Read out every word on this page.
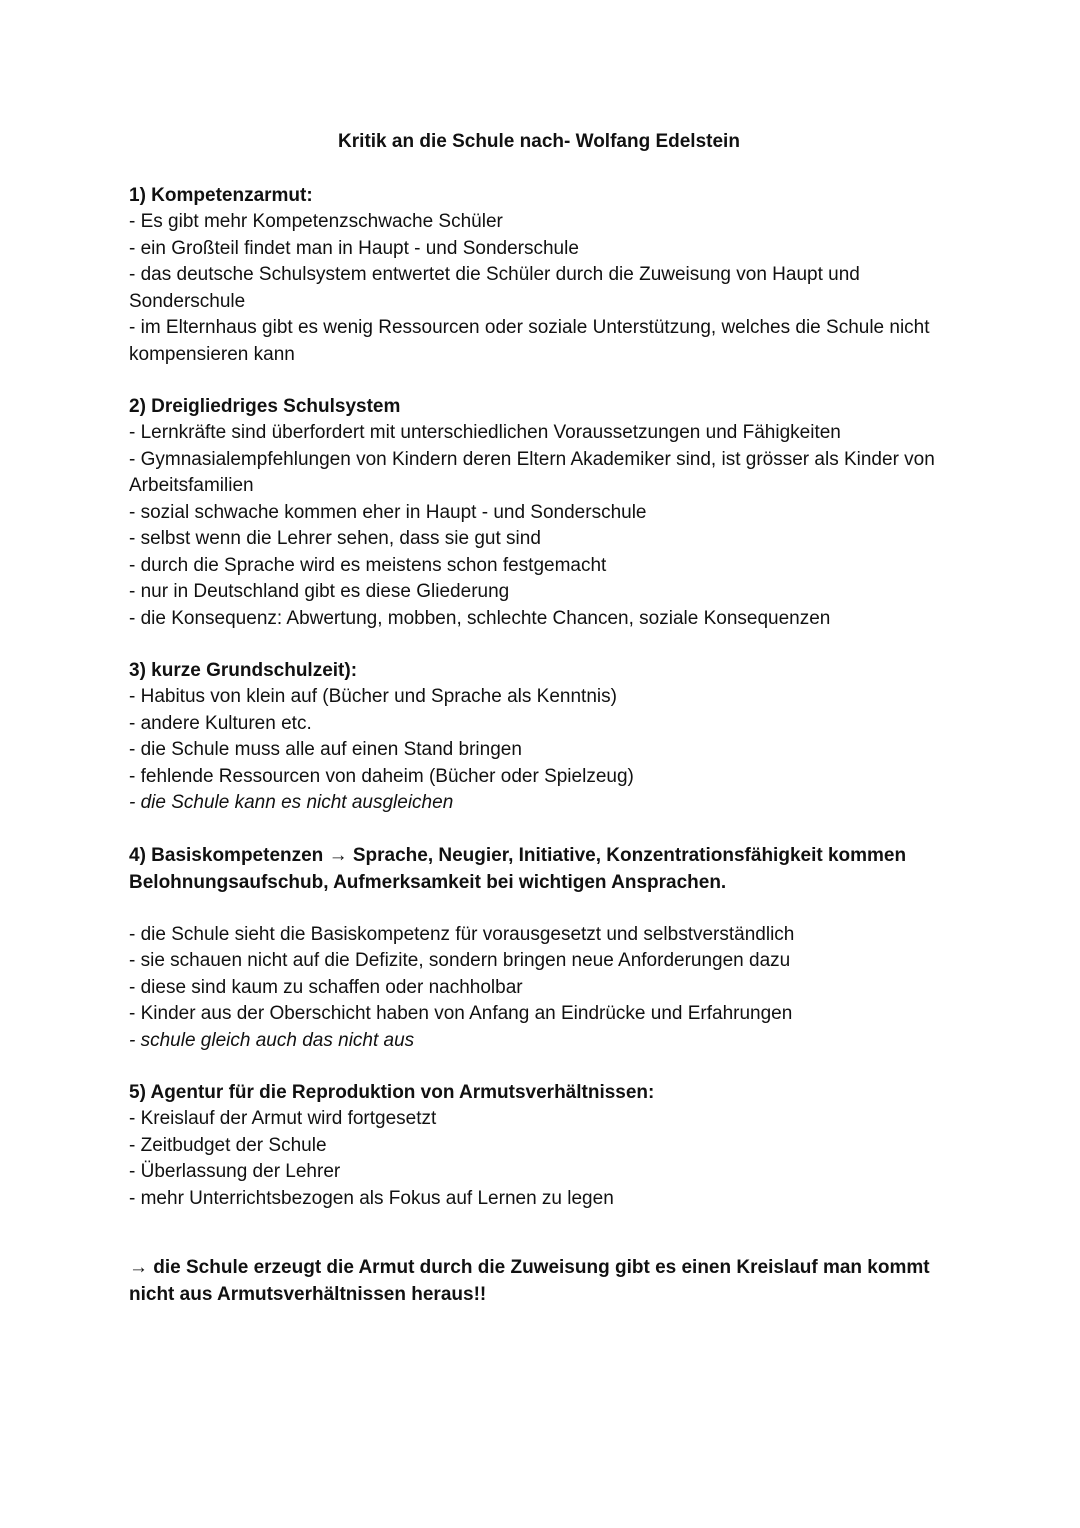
Kritik an die Schule nach- Wolfang Edelstein
1) Kompetenzarmut:
- Es gibt mehr Kompetenzschwache Schüler
- ein Großteil findet man in Haupt - und Sonderschule
- das deutsche Schulsystem entwertet die Schüler durch die Zuweisung von Haupt und Sonderschule
- im Elternhaus gibt es wenig Ressourcen oder soziale Unterstützung, welches die Schule nicht kompensieren kann
2) Dreigliedriges Schulsystem
- Lernkräfte sind überfordert mit unterschiedlichen Voraussetzungen und Fähigkeiten
- Gymnasialempfehlungen von Kindern deren Eltern Akademiker sind, ist grösser als Kinder von Arbeitsfamilien
- sozial schwache kommen eher in Haupt - und Sonderschule
- selbst wenn die Lehrer sehen, dass sie gut sind
- durch die Sprache wird es meistens schon festgemacht
- nur in Deutschland gibt es diese Gliederung
- die Konsequenz: Abwertung, mobben, schlechte Chancen, soziale Konsequenzen
3) kurze Grundschulzeit):
- Habitus von klein auf (Bücher und Sprache als Kenntnis)
- andere Kulturen etc.
- die Schule muss alle auf einen Stand bringen
- fehlende Ressourcen von daheim (Bücher oder Spielzeug)
- die Schule kann es nicht ausgleichen
4) Basiskompetenzen → Sprache, Neugier, Initiative, Konzentrationsfähigkeit kommen Belohnungsaufschub, Aufmerksamkeit bei wichtigen Ansprachen.
- die Schule sieht die Basiskompetenz für vorausgesetzt und selbstverständlich
- sie schauen nicht auf die Defizite, sondern bringen neue Anforderungen dazu
- diese sind kaum zu schaffen oder nachholbar
- Kinder aus der Oberschicht haben von Anfang an Eindrücke und Erfahrungen
- schule gleich auch das nicht aus
5) Agentur für die Reproduktion von Armutsverhältnissen:
- Kreislauf der Armut wird fortgesetzt
- Zeitbudget der Schule
- Überlassung der Lehrer
- mehr Unterrichtsbezogen als Fokus auf Lernen zu legen
→ die Schule erzeugt die Armut durch die Zuweisung gibt es einen Kreislauf man kommt nicht aus Armutsverhältnissen heraus!!
